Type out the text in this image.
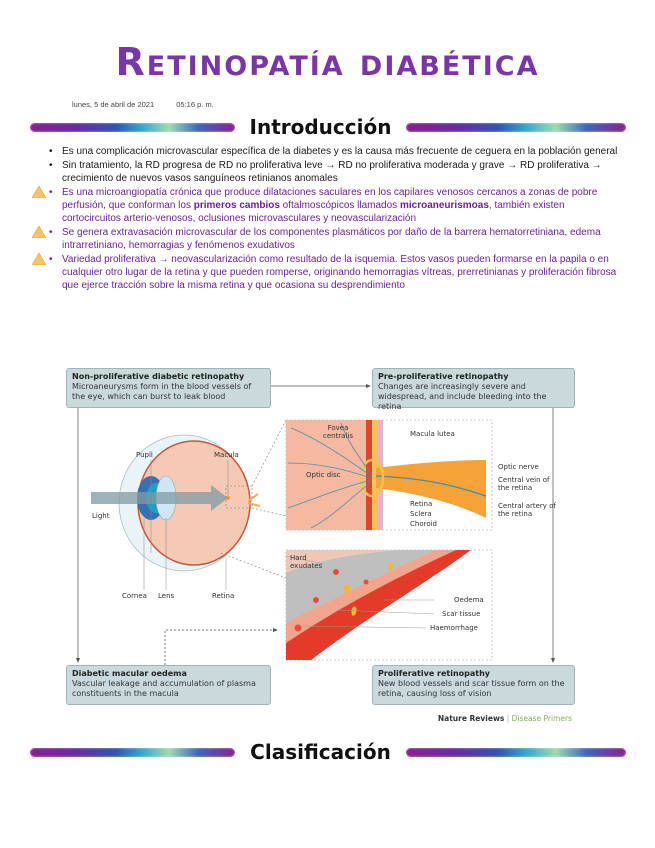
Retinopatía diabética
lunes, 5 de abril de 2021	05:16 p. m.
Introducción
• Es una complicación microvascular específica de la diabetes y es la causa más frecuente de ceguera en la población general
• Sin tratamiento, la RD progresa de RD no proliferativa leve → RD no proliferativa moderada y grave → RD proliferativa → crecimiento de nuevos vasos sanguíneos retinianos anomales
• Es una microangiopatía crónica que produce dilataciones saculares en los capilares venosos cercanos a zonas de pobre perfusión, que conforman los primeros cambios oftalmoscópicos llamados microaneurismoas, también existen cortocircuitos arterio-venosos, oclusiones microvasculares y neovascularización
• Se genera extravasación microvascular de los componentes plasmáticos por daño de la barrera hematorretiniana, edema intrarretiniano, hemorragias y fenómenos exudativos
• Variedad proliferativa → neovascularización como resultado de la isquemia. Estos vasos pueden formarse en la papila o en cualquier otro lugar de la retina y que pueden romperse, originando hemorragias vítreas, prerretinianas y proliferación fibrosa que ejerce tracción sobre la misma retina y que ocasiona su desprendimiento
Non-proliferative diabetic retinopathy
Microaneurysms form in the blood vessels of the eye, which can burst to leak blood
Pre-proliferative retinopathy
Changes are increasingly severe and widespread, and include bleeding into the retina
Diabetic macular oedema
Vascular leakage and accumulation of plasma constituents in the macula
Proliferative retinopathy
New blood vessels and scar tissue form on the retina, causing loss of vision
Pupil	Macula
Light
Cornea Lens	Retina
Fovea centralis	Macula lutea
Optic disc
Optic nerve
Central vein of the retina
Central artery of the retina
Retina
Sclera
Choroid
Hard exudates
Oedema
Scar tissue
Haemorrhage
Nature Reviews | Disease Primers
Clasificación
